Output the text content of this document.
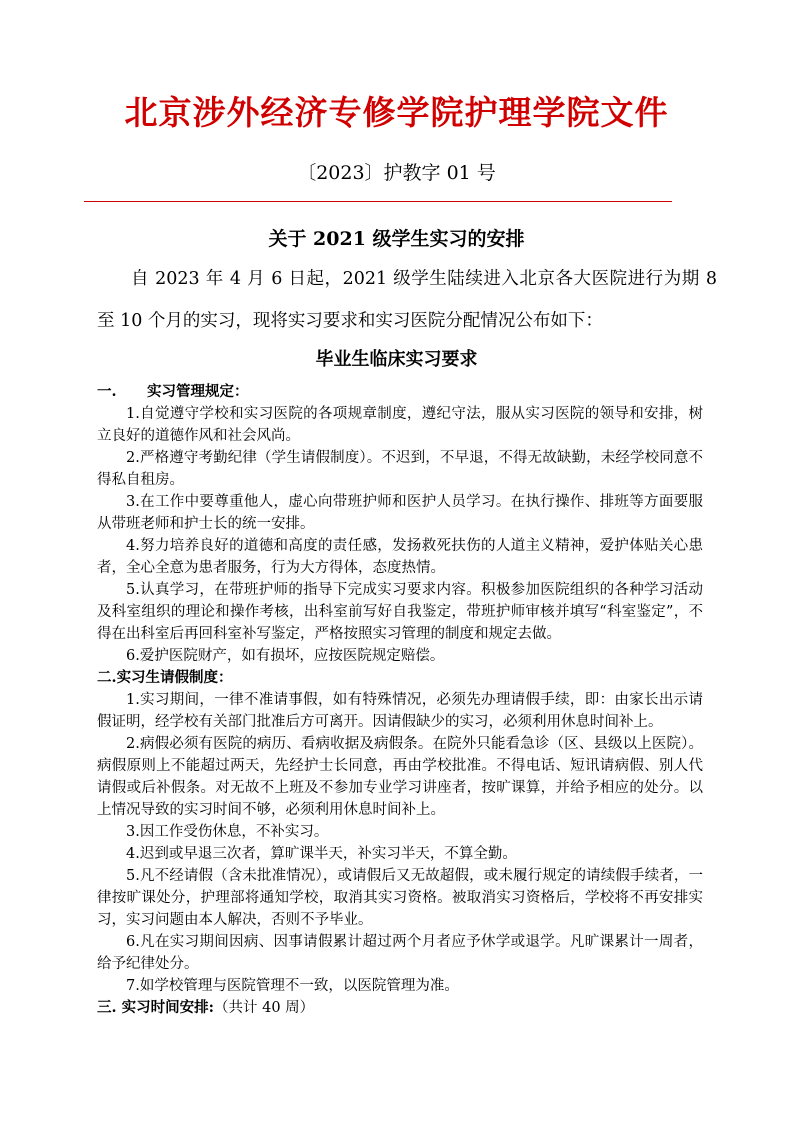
北京涉外经济专修学院护理学院文件
〔2023〕护教字 01 号
关于 2021 级学生实习的安排

自 2023 年 4 月 6 日起，2021 级学生陆续进入北京各大医院进行为期 8 至 10 个月的实习，现将实习要求和实习医院分配情况公布如下：

毕业生临床实习要求
一. 实习管理规定：

1.自觉遵守学校和实习医院的各项规章制度，遵纪守法，服从实习医院的领导和安排，树立良好的道德作风和社会风尚。

2.严格遵守考勤纪律（学生请假制度）。不迟到，不早退，不得无故缺勤，未经学校同意不得私自租房。

3.在工作中要尊重他人，虚心向带班护师和医护人员学习。在执行操作、排班等方面要服从带班老师和护士长的统一安排。

4.努力培养良好的道德和高度的责任感，发扬救死扶伤的人道主义精神，爱护体贴关心患者，全心全意为患者服务，行为大方得体，态度热情。

5.认真学习，在带班护师的指导下完成实习要求内容。积极参加医院组织的各种学习活动及科室组织的理论和操作考核，出科室前写好自我鉴定，带班护师审核并填写“科室鉴定”，不得在出科室后再回科室补写鉴定，严格按照实习管理的制度和规定去做。

6.爱护医院财产，如有损坏，应按医院规定赔偿。

二.实习生请假制度：

1.实习期间，一律不准请事假，如有特殊情况，必须先办理请假手续，即：由家长出示请假证明，经学校有关部门批准后方可离开。因请假缺少的实习，必须利用休息时间补上。

2.病假必须有医院的病历、看病收据及病假条。在院外只能看急诊（区、县级以上医院）。病假原则上不能超过两天，先经护士长同意，再由学校批准。不得电话、短讯请病假、别人代请假或后补假条。对无故不上班及不参加专业学习讲座者，按旷课算，并给予相应的处分。以上情况导致的实习时间不够，必须利用休息时间补上。

3.因工作受伤休息，不补实习。

4.迟到或早退三次者，算旷课半天，补实习半天，不算全勤。

5.凡不经请假（含未批准情况），或请假后又无故超假，或未履行规定的请续假手续者，一律按旷课处分，护理部将通知学校，取消其实习资格。被取消实习资格后，学校将不再安排实习，实习问题由本人解决，否则不予毕业。

6.凡在实习期间因病、因事请假累计超过两个月者应予休学或退学。凡旷课累计一周者，给予纪律处分。

7.如学校管理与医院管理不一致，以医院管理为准。

三. 实习时间安排:（共计 40 周）
